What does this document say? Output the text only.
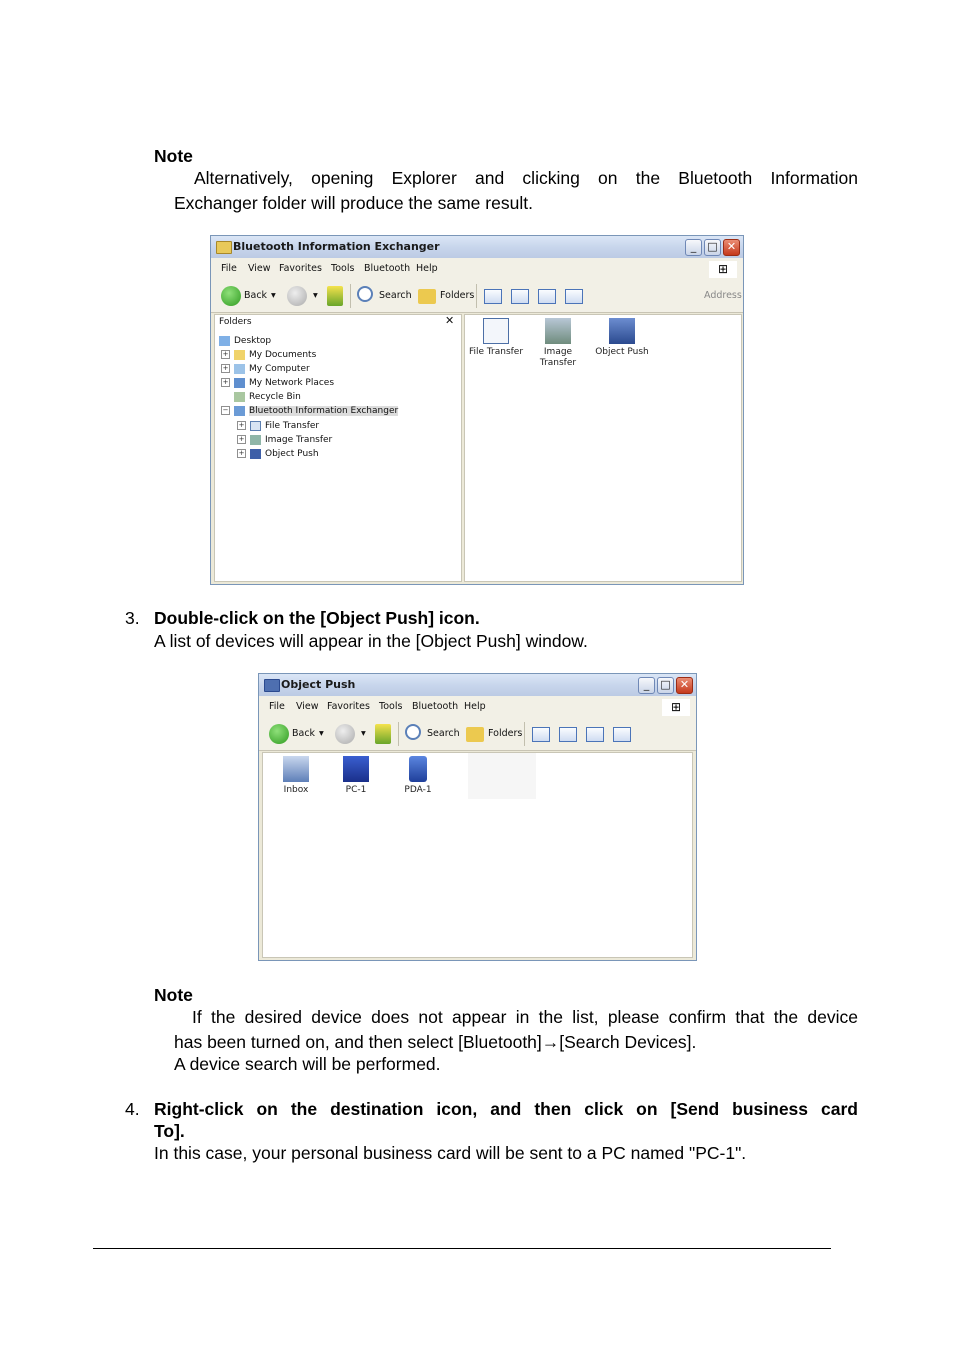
Note

Alternatively, opening Explorer and clicking on the Bluetooth Information

Exchanger folder will produce the same result.

Bluetooth Information Exchanger	_	□ ✕
File View Favorites Tools Bluetooth Help	⊞
Back ▾	▾	Search	Folders	Address
Folders	✕
Desktop
+ My Documents
+ My Computer
+ My Network Places
Recycle Bin
− Bluetooth Information Exchanger
+ File Transfer
+ Image Transfer
+ Object Push
File Transfer	Image
Transfer
Object Push

3. Double-click on the [Object Push] icon.

A list of devices will appear in the [Object Push] window.

Object Push	_	□ ✕
File View Favorites Tools Bluetooth Help	⊞
Back ▾	▾	Search	Folders
Inbox	PC-1	PDA-1

Note

If the desired device does not appear in the list, please confirm that the device

has been turned on, and then select [Bluetooth]→[Search Devices].

A device search will be performed.

4. Right-click on the destination icon, and then click on [Send business card

To].

In this case, your personal business card will be sent to a PC named "PC-1".
